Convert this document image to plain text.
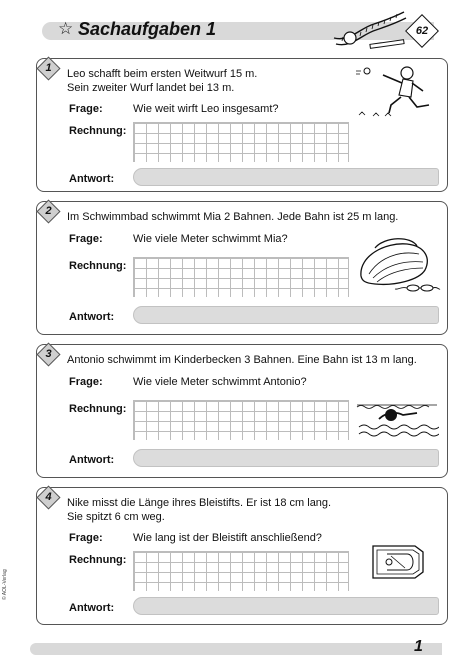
☆ Sachaufgaben 1	62
1	Leo schafft beim ersten Weitwurf 15 m.
Sein zweiter Wurf landet bei 13 m.
Frage:	Wie weit wirft Leo insgesamt?
Rechnung:
Antwort:
2	Im Schwimmbad schwimmt Mia 2 Bahnen. Jede Bahn ist 25 m lang.
Frage:	Wie viele Meter schwimmt Mia?
Rechnung:
Antwort:
3	Antonio schwimmt im Kinderbecken 3 Bahnen. Eine Bahn ist 13 m lang.
Frage:	Wie viele Meter schwimmt Antonio?
Rechnung:
Antwort:
4	Nike misst die Länge ihres Bleistifts. Er ist 18 cm lang.
Sie spitzt 6 cm weg.
Frage:	Wie lang ist der Bleistift anschließend?
Rechnung:
Antwort:
1
© AOL-Verlag
